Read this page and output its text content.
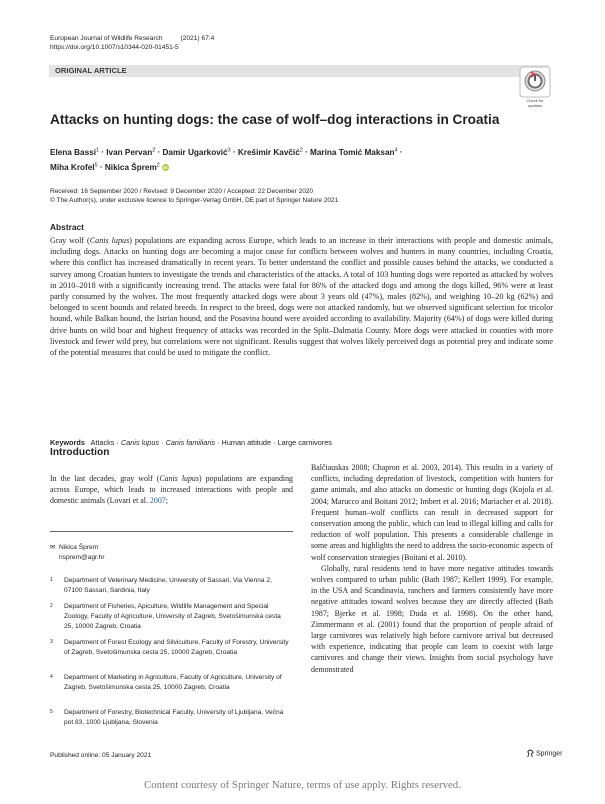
European Journal of Wildlife Research	(2021) 67:4
https://doi.org/10.1007/s10344-020-01451-5
ORIGINAL ARTICLE
Check for
updates
Attacks on hunting dogs: the case of wolf–dog interactions in Croatia
Elena Bassi$^1$ · Ivan Pervan$^2$ · Damir Ugarković$^3$ · Krešimir Kavčić$^2$ · Marina Tomić Maksan$^4$ ·
Miha Krofel$^5$ · Nikica Šprem$^2$ iD
Received: 16 September 2020 / Revised: 9 December 2020 / Accepted: 22 December 2020
© The Author(s), under exclusive licence to Springer-Verlag GmbH, DE part of Springer Nature 2021
Abstract
Gray wolf (Canis lupus) populations are expanding across Europe, which leads to an increase in their interactions with people and domestic animals, including dogs. Attacks on hunting dogs are becoming a major cause for conflicts between wolves and hunters in many countries, including Croatia, where this conflict has increased dramatically in recent years. To better understand the conflict and possible causes behind the attacks, we conducted a survey among Croatian hunters to investigate the trends and characteristics of the attacks. A total of 103 hunting dogs were reported as attacked by wolves in 2010–2018 with a significantly increasing trend. The attacks were fatal for 86% of the attacked dogs and among the dogs killed, 96% were at least partly consumed by the wolves. The most frequently attacked dogs were about 3 years old (47%), males (82%), and weighing 10–20 kg (62%) and belonged to scent hounds and related breeds. In respect to the breed, dogs were not attacked randomly, but we observed significant selection for tricolor hound, while Balkan hound, the Istrian hound, and the Posavina hound were avoided according to availability. Majority (64%) of dogs were killed during drive hunts on wild boar and highest frequency of attacks was recorded in the Split–Dalmatia County. More dogs were attacked in counties with more livestock and fewer wild prey, but correlations were not significant. Results suggest that wolves likely perceived dogs as potential prey and indicate some of the potential measures that could be used to mitigate the conflict.
Keywords Attacks · Canis lupus · Canis familiaris · Human attitude · Large carnivores
Introduction
In the last decades, gray wolf (Canis lupus) populations are expanding across Europe, which leads to increased interactions with people and domestic animals (Lovari et al. 2007;

Balčiauskas 2008; Chapron et al. 2003, 2014). This results in a variety of conflicts, including depredation of livestock, competition with hunters for game animals, and also attacks on domestic or hunting dogs (Kojola et al. 2004; Marucco and Boitani 2012; Imbert et al. 2016; Mariacher et al. 2018). Frequent human–wolf conflicts can result in decreased support for conservation among the public, which can lead to illegal killing and calls for reduction of wolf population. This presents a considerable challenge in some areas and highlights the need to address the socio-economic aspects of wolf conservation strategies (Boitani et al. 2010).

Globally, rural residents tend to have more negative attitudes towards wolves compared to urban public (Bath 1987; Kellert 1999). For example, in the USA and Scandinavia, ranchers and farmers consistently have more negative attitudes toward wolves because they are directly affected (Bath 1987; Bjerke et al. 1998; Duda et al. 1998). On the other hand, Zimmermann et al. (2001) found that the proportion of people afraid of large carnivores was relatively high before carnivore arrival but decreased with experience, indicating that people can learn to coexist with large carnivores and change their views. Insights from social psychology have demonstrated

✉ Nikica Šprem
nsprem@agr.hr
1 Department of Veterinary Medicine, University of Sassari, Via Vienna 2, 07100 Sassari, Sardinia, Italy
2 Department of Fisheries, Apiculture, Wildlife Management and Special Zoology, Faculty of Agriculture, University of Zagreb, Svetošimunska cesta 25, 10000 Zagreb, Croatia
3 Department of Forest Ecology and Silviculture, Faculty of Forestry, University of Zagreb, Svetošimunska cesta 25, 10000 Zagreb, Croatia
4 Department of Marketing in Agriculture, Faculty of Agriculture, University of Zagreb, Svetošimunska cesta 25, 10000 Zagreb, Croatia
5 Department of Forestry, Biotechnical Faculty, University of Ljubljana, Večna pot 83, 1000 Ljubljana, Slovenia
Published online: 05 January 2021	Springer
Content courtesy of Springer Nature, terms of use apply. Rights reserved.
